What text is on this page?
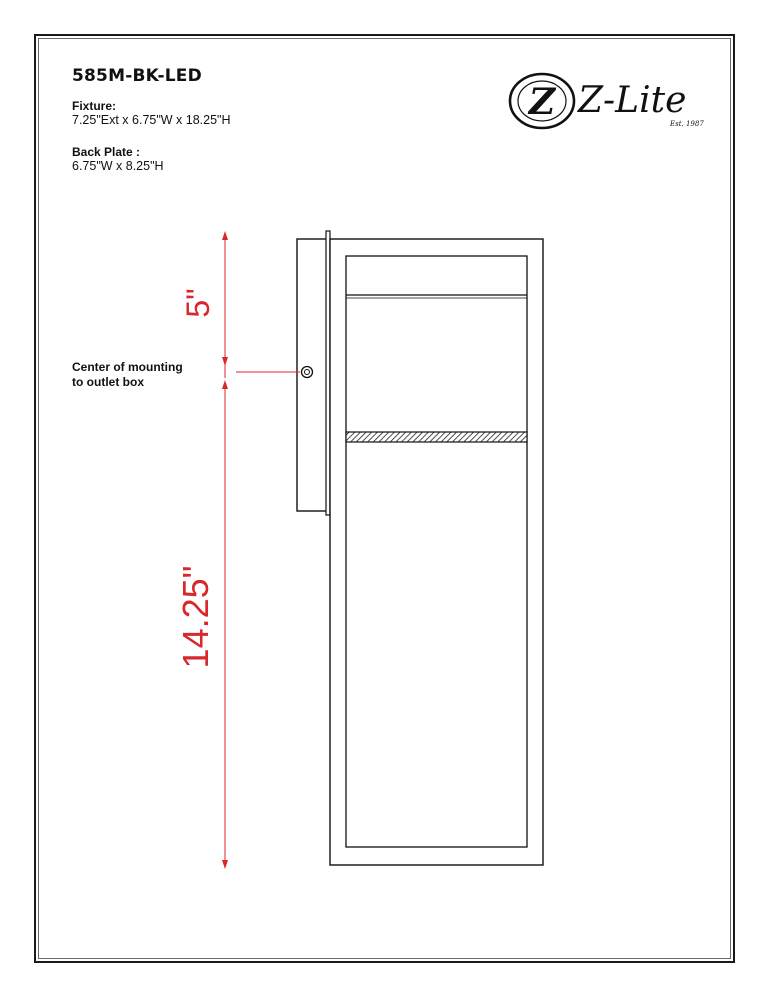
585M-BK-LED
Fixture:
7.25"Ext x 6.75"W x 18.25"H
Back Plate :
6.75"W x 8.25"H
Center of mounting
to outlet box
Z Z-Lite
Est. 1987
5"
14.25"
